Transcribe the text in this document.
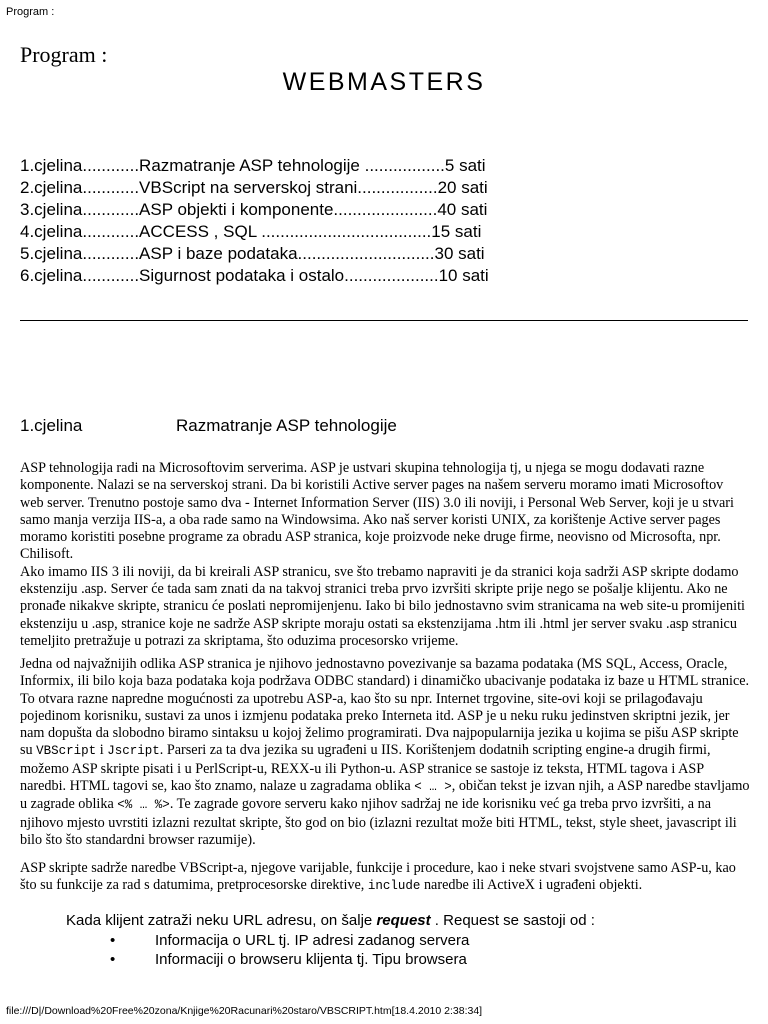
Program :
Program :
WEBMASTERS
1.cjelina............Razmatranje ASP tehnologije .................5 sati
2.cjelina............VBScript na serverskoj strani.................20 sati
3.cjelina............ASP objekti i komponente......................40 sati
4.cjelina............ACCESS , SQL ....................................15 sati
5.cjelina............ASP i baze podataka.............................30 sati
6.cjelina............Sigurnost podataka i ostalo....................10 sati
1.cjelina	Razmatranje ASP tehnologije

ASP tehnologija radi na Microsoftovim serverima. ASP je ustvari skupina tehnologija tj, u njega se mogu dodavati razne komponente. Nalazi se na serverskoj strani. Da bi koristili Active server pages na našem serveru moramo imati Microsoftov web server. Trenutno postoje samo dva - Internet Information Server (IIS) 3.0 ili noviji, i Personal Web Server, koji je u stvari samo manja verzija IIS-a, a oba rade samo na Windowsima. Ako naš server koristi UNIX, za korištenje Active server pages moramo koristiti posebne programe za obradu ASP stranica, koje proizvode neke druge firme, neovisno od Microsofta, npr. Chilisoft.

Ako imamo IIS 3 ili noviji, da bi kreirali ASP stranicu, sve što trebamo napraviti je da stranici koja sadrži ASP skripte dodamo ekstenziju .asp. Server će tada sam znati da na takvoj stranici treba prvo izvršiti skripte prije nego se pošalje klijentu. Ako ne pronađe nikakve skripte, stranicu će poslati nepromijenjenu. Iako bi bilo jednostavno svim stranicama na web site-u promijeniti ekstenziju u .asp, stranice koje ne sadrže ASP skripte moraju ostati sa ekstenzijama .htm ili .html jer server svaku .asp stranicu temeljito pretražuje u potrazi za skriptama, što oduzima procesorsko vrijeme.

Jedna od najvažnijih odlika ASP stranica je njihovo jednostavno povezivanje sa bazama podataka (MS SQL, Access, Oracle, Informix, ili bilo koja baza podataka koja podržava ODBC standard) i dinamičko ubacivanje podataka iz baze u HTML stranice. To otvara razne napredne mogućnosti za upotrebu ASP-a, kao što su npr. Internet trgovine, site-ovi koji se prilagođavaju pojedinom korisniku, sustavi za unos i izmjenu podataka preko Interneta itd. ASP je u neku ruku jedinstven skriptni jezik, jer nam dopušta da slobodno biramo sintaksu u kojoj želimo programirati. Dva najpopularnija jezika u kojima se pišu ASP skripte su VBScript i Jscript. Parseri za ta dva jezika su ugrađeni u IIS. Korištenjem dodatnih scripting engine-a drugih firmi, možemo ASP skripte pisati i u PerlScript-u, REXX-u ili Python-u. ASP stranice se sastoje iz teksta, HTML tagova i ASP naredbi. HTML tagovi se, kao što znamo, nalaze u zagradama oblika < … >, običan tekst je izvan njih, a ASP naredbe stavljamo u zagrade oblika <% … %>. Te zagrade govore serveru kako njihov sadržaj ne ide korisniku već ga treba prvo izvršiti, a na njihovo mjesto uvrstiti izlazni rezultat skripte, što god on bio (izlazni rezultat može biti HTML, tekst, style sheet, javascript ili bilo što što standardni browser razumije).
ASP skripte sadrže naredbe VBScript-a, njegove varijable, funkcije i procedure, kao i neke stvari svojstvene samo ASP-u, kao što su funkcije za rad s datumima, pretprocesorske direktive, include naredbe ili ActiveX i ugrađeni objekti.
Kada klijent zatraži neku URL adresu, on šalje request . Request se sastoji od :
•	Informacija o URL tj. IP adresi zadanog servera
•	Informaciji o browseru klijenta tj. Tipu browsera
file:///D|/Download%20Free%20zona/Knjige%20Racunari%20staro/VBSCRIPT.htm[18.4.2010 2:38:34]
